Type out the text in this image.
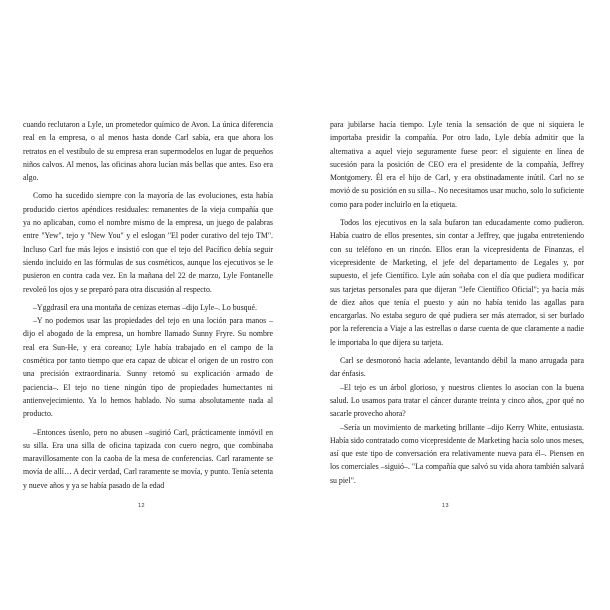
cuando reclutaron a Lyle, un prometedor químico de Avon. La única diferencia real en la empresa, o al menos hasta donde Carl sabía, era que ahora los retratos en el vestíbulo de su empresa eran supermodelos en lugar de pequeños niños calvos. Al menos, las oficinas ahora lucían más bellas que antes. Eso era algo.

Como ha sucedido siempre con la mayoría de las evoluciones, esta había producido ciertos apéndices residuales: remanentes de la vieja compañía que ya no aplicaban, como el nombre mismo de la empresa, un juego de palabras entre "Yew", tejo y "New You" y el eslogan "El poder curativo del tejo TM". Incluso Carl fue más lejos e insistió con que el tejo del Pacífico debía seguir siendo incluido en las fórmulas de sus cosméticos, aunque los ejecutivos se le pusieron en contra cada vez. En la mañana del 22 de marzo, Lyle Fontanelle revoleó los ojos y se preparó para otra discusión al respecto.

–Yggdrasil era una montaña de cenizas eternas –dijo Lyle–. Lo busqué.

–Y no podemos usar las propiedades del tejo en una loción para manos –dijo el abogado de la empresa, un hombre llamado Sunny Fryre. Su nombre real era Sun-He, y era coreano; Lyle había trabajado en el campo de la cosmética por tanto tiempo que era capaz de ubicar el origen de un rostro con una precisión extraordinaria. Sunny retomó su explicación armado de paciencia–. El tejo no tiene ningún tipo de propiedades humectantes ni antienvejecimiento. Ya lo hemos hablado. No suma absolutamente nada al producto.

–Entonces úsenlo, pero no abusen –sugirió Carl, prácticamente inmóvil en su silla. Era una silla de oficina tapizada con cuero negro, que combinaba maravillosamente con la caoba de la mesa de conferencias. Carl raramente se movía de allí… A decir verdad, Carl raramente se movía, y punto. Tenía setenta y nueve años y ya se había pasado de la edad

12

para jubilarse hacía tiempo. Lyle tenía la sensación de que ni siquiera le importaba presidir la compañía. Por otro lado, Lyle debía admitir que la alternativa a aquel viejo seguramente fuese peor: el siguiente en línea de sucesión para la posición de CEO era el presidente de la compañía, Jeffrey Montgomery. Él era el hijo de Carl, y era obstinadamente inútil. Carl no se movió de su posición en su silla–. No necesitamos usar mucho, solo lo suficiente como para poder incluirlo en la etiqueta.

Todos los ejecutivos en la sala bufaron tan educadamente como pudieron. Había cuatro de ellos presentes, sin contar a Jeffrey, que jugaba entreteniendo con su teléfono en un rincón. Ellos eran la vicepresidenta de Finanzas, el vicepresidente de Marketing, el jefe del departamento de Legales y, por supuesto, el jefe Científico. Lyle aún soñaba con el día que pudiera modificar sus tarjetas personales para que dijeran "Jefe Científico Oficial"; ya hacía más de diez años que tenía el puesto y aún no había tenido las agallas para encargarlas. No estaba seguro de qué pudiera ser más aterrador, si ser burlado por la referencia a Viaje a las estrellas o darse cuenta de que claramente a nadie le importaba lo que dijera su tarjeta.

Carl se desmoronó hacia adelante, levantando débil la mano arrugada para dar énfasis.

–El tejo es un árbol glorioso, y nuestros clientes lo asocian con la buena salud. Lo usamos para tratar el cáncer durante treinta y cinco años, ¿por qué no sacarle provecho ahora?

–Sería un movimiento de marketing brillante –dijo Kerry White, entusiasta. Había sido contratado como vicepresidente de Marketing hacía solo unos meses, así que este tipo de conversación era relativamente nueva para él–. Piensen en los comerciales –siguió–. "La compañía que salvó su vida ahora también salvará su piel".

13
